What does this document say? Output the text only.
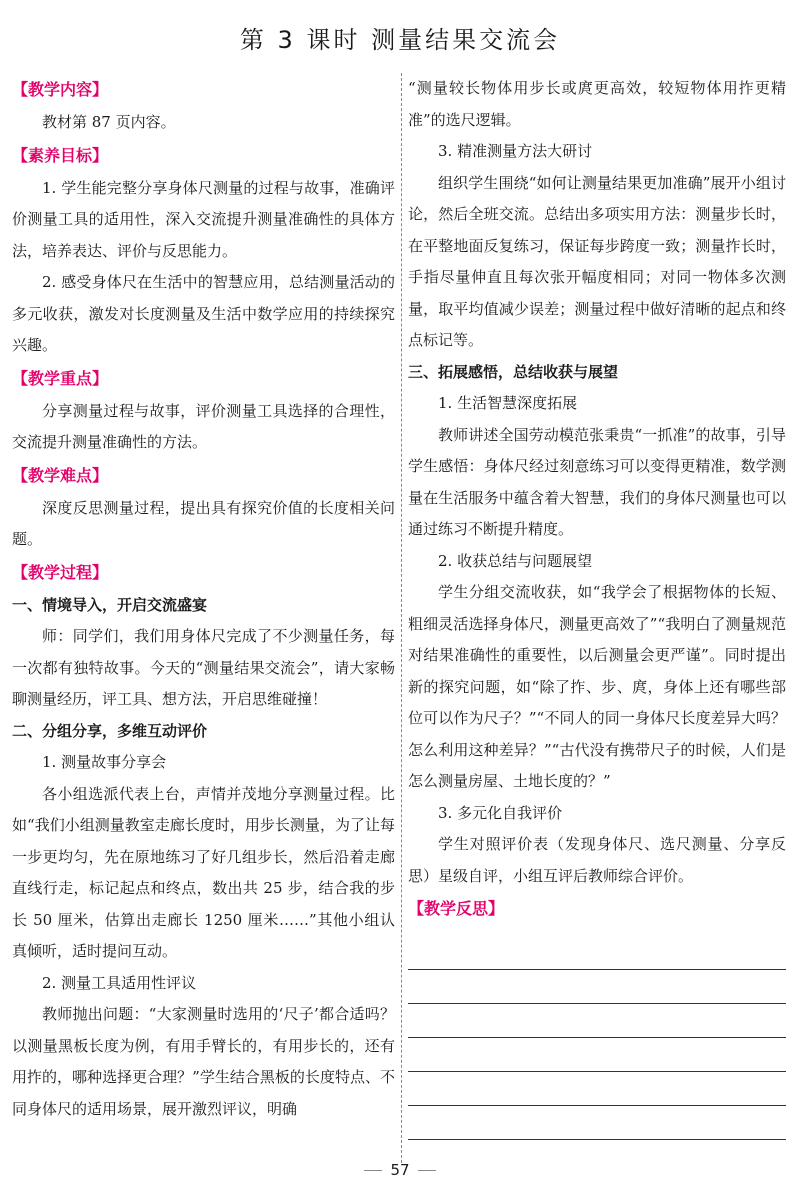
第 3 课时 测量结果交流会
【教学内容】

教材第 87 页内容。

【素养目标】

1. 学生能完整分享身体尺测量的过程与故事，准确评价测量工具的适用性，深入交流提升测量准确性的具体方法，培养表达、评价与反思能力。

2. 感受身体尺在生活中的智慧应用，总结测量活动的多元收获，激发对长度测量及生活中数学应用的持续探究兴趣。

【教学重点】

分享测量过程与故事，评价测量工具选择的合理性，交流提升测量准确性的方法。

【教学难点】

深度反思测量过程，提出具有探究价值的长度相关问题。

【教学过程】
一、情境导入，开启交流盛宴

师：同学们，我们用身体尺完成了不少测量任务，每一次都有独特故事。今天的“测量结果交流会”，请大家畅聊测量经历，评工具、想方法，开启思维碰撞！

二、分组分享，多维互动评价

1. 测量故事分享会

各小组选派代表上台，声情并茂地分享测量过程。比如“我们小组测量教室走廊长度时，用步长测量，为了让每一步更均匀，先在原地练习了好几组步长，然后沿着走廊直线行走，标记起点和终点，数出共 25 步，结合我的步长 50 厘米，估算出走廊长 1250 厘米……”其他小组认真倾听，适时提问互动。

2. 测量工具适用性评议

教师抛出问题：“大家测量时选用的‘尺子’都合适吗？以测量黑板长度为例，有用手臂长的，有用步长的，还有用拃的，哪种选择更合理？”学生结合黑板的长度特点、不同身体尺的适用场景，展开激烈评议，明确

“测量较长物体用步长或庹更高效，较短物体用拃更精准”的选尺逻辑。

3. 精准测量方法大研讨

组织学生围绕“如何让测量结果更加准确”展开小组讨论，然后全班交流。总结出多项实用方法：测量步长时，在平整地面反复练习，保证每步跨度一致；测量拃长时，手指尽量伸直且每次张开幅度相同；对同一物体多次测量，取平均值减少误差；测量过程中做好清晰的起点和终点标记等。

三、拓展感悟，总结收获与展望

1. 生活智慧深度拓展

教师讲述全国劳动模范张秉贵“一抓准”的故事，引导学生感悟：身体尺经过刻意练习可以变得更精准，数学测量在生活服务中蕴含着大智慧，我们的身体尺测量也可以通过练习不断提升精度。

2. 收获总结与问题展望

学生分组交流收获，如“我学会了根据物体的长短、粗细灵活选择身体尺，测量更高效了”“我明白了测量规范对结果准确性的重要性，以后测量会更严谨”。同时提出新的探究问题，如“除了拃、步、庹，身体上还有哪些部位可以作为尺子？”“不同人的同一身体尺长度差异大吗？怎么利用这种差异？”“古代没有携带尺子的时候，人们是怎么测量房屋、土地长度的？”

3. 多元化自我评价

学生对照评价表（发现身体尺、选尺测量、分享反思）星级自评，小组互评后教师综合评价。

【教学反思】
57
